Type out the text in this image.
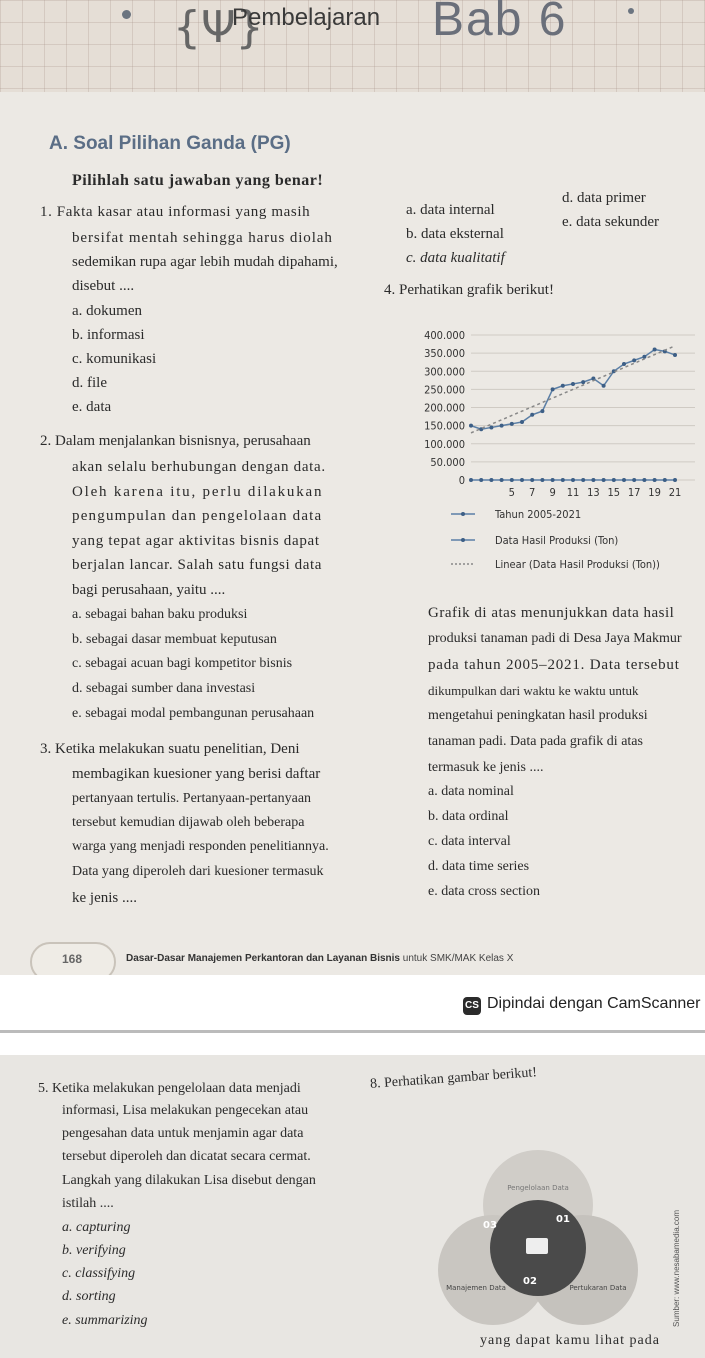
{Ψ}
Pembelajaran Bab 6
A. Soal Pilihan Ganda (PG)
Pilihlah satu jawaban yang benar!
1. Fakta kasar atau informasi yang masih
bersifat mentah sehingga harus diolah
sedemikan rupa agar lebih mudah dipahami,
disebut ....
a. dokumen
b. informasi
c. komunikasi
d. file
e. data
a. data internal
b. data eksternal
c. data kualitatif
d. data primer
e. data sekunder
4. Perhatikan grafik berikut!
2. Dalam menjalankan bisnisnya, perusahaan
akan selalu berhubungan dengan data.
Oleh karena itu, perlu dilakukan
pengumpulan dan pengelolaan data
yang tepat agar aktivitas bisnis dapat
berjalan lancar. Salah satu fungsi data
bagi perusahaan, yaitu ....
a. sebagai bahan baku produksi
b. sebagai dasar membuat keputusan
c. sebagai acuan bagi kompetitor bisnis
d. sebagai sumber dana investasi
e. sebagai modal pembangunan perusahaan
3. Ketika melakukan suatu penelitian, Deni
membagikan kuesioner yang berisi daftar
pertanyaan tertulis. Pertanyaan-pertanyaan
tersebut kemudian dijawab oleh beberapa
warga yang menjadi responden penelitiannya.
Data yang diperoleh dari kuesioner termasuk
ke jenis ....
400.000
350.000
300.000
250.000
200.000
150.000
100.000
50.000
0
5 7 9 11 13 15 17 19 21
Tahun 2005-2021
Data Hasil Produksi (Ton)
Linear (Data Hasil Produksi (Ton))
Grafik di atas menunjukkan data hasil
produksi tanaman padi di Desa Jaya Makmur
pada tahun 2005–2021. Data tersebut
dikumpulkan dari waktu ke waktu untuk
mengetahui peningkatan hasil produksi
tanaman padi. Data pada grafik di atas
termasuk ke jenis ....
a. data nominal
b. data ordinal
c. data interval
d. data time series
e. data cross section
168	Dasar-Dasar Manajemen Perkantoran dan Layanan Bisnis untuk SMK/MAK Kelas X
CS Dipindai dengan CamScanner
5. Ketika melakukan pengelolaan data menjadi
informasi, Lisa melakukan pengecekan atau
pengesahan data untuk menjamin agar data
tersebut diperoleh dan dicatat secara cermat.
Langkah yang dilakukan Lisa disebut dengan
istilah ....
a. capturing
b. verifying
c. classifying
d. sorting
e. summarizing
8. Perhatikan gambar berikut!
yang dapat kamu lihat pada
Pengelolaan Data
Manajemen Data	Pertukaran Data
01
02
03	Sumber: www.nesabamedia.com
